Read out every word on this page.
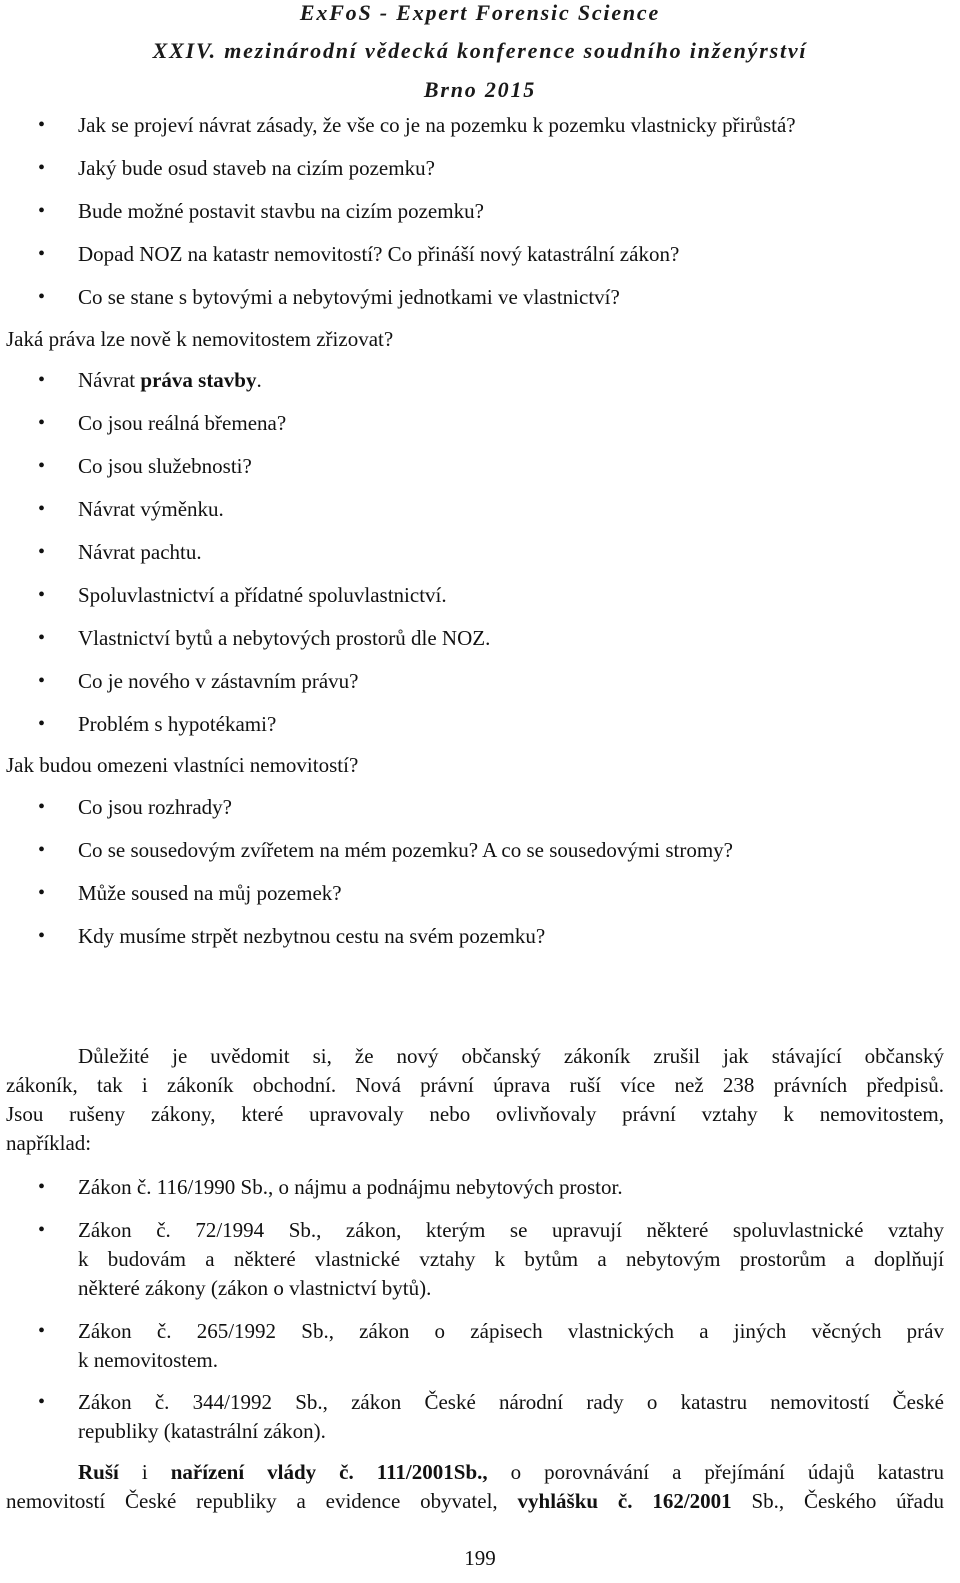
ExFoS - Expert Forensic Science
XXIV. mezinárodní vědecká konference soudního inženýrství
Brno 2015
• Jak se projeví návrat zásady, že vše co je na pozemku k pozemku vlastnicky přirůstá?
• Jaký bude osud staveb na cizím pozemku?
• Bude možné postavit stavbu na cizím pozemku?
• Dopad NOZ na katastr nemovitostí? Co přináší nový katastrální zákon?
• Co se stane s bytovými a nebytovými jednotkami ve vlastnictví?
Jaká práva lze nově k nemovitostem zřizovat?
• Návrat práva stavby.
• Co jsou reálná břemena?
• Co jsou služebnosti?
• Návrat výměnku.
• Návrat pachtu.
• Spoluvlastnictví a přídatné spoluvlastnictví.
• Vlastnictví bytů a nebytových prostorů dle NOZ.
• Co je nového v zástavním právu?
• Problém s hypotékami?
Jak budou omezeni vlastníci nemovitostí?
• Co jsou rozhrady?
• Co se sousedovým zvířetem na mém pozemku? A co se sousedovými stromy?
• Může soused na můj pozemek?
• Kdy musíme strpět nezbytnou cestu na svém pozemku?
Důležité je uvědomit si, že nový občanský zákoník zrušil jak stávající občanský
zákoník, tak i zákoník obchodní. Nová právní úprava ruší více než 238 právních předpisů.
Jsou rušeny zákony, které upravovaly nebo ovlivňovaly právní vztahy k nemovitostem,
například:
• Zákon č. 116/1990 Sb., o nájmu a podnájmu nebytových prostor.
• Zákon č. 72/1994 Sb., zákon, kterým se upravují některé spoluvlastnické vztahy
k budovám a některé vlastnické vztahy k bytům a nebytovým prostorům a doplňují
některé zákony (zákon o vlastnictví bytů).
• Zákon č. 265/1992 Sb., zákon o zápisech vlastnických a jiných věcných práv
k nemovitostem.
• Zákon č. 344/1992 Sb., zákon České národní rady o katastru nemovitostí České
republiky (katastrální zákon).
Ruší i nařízení vlády č. 111/2001Sb., o porovnávání a přejímání údajů katastru
nemovitostí České republiky a evidence obyvatel, vyhlášku č. 162/2001 Sb., Českého úřadu
199
